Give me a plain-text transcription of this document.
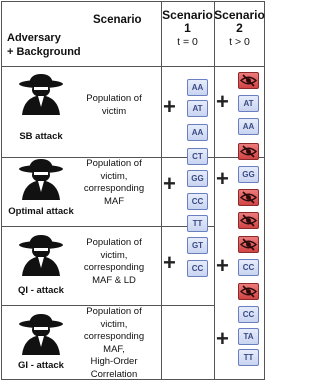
Scenario
Adversary
+ Background
Scenario
1
t = 0
Scenario
2
t > 0
SB attack
Optimal attack
QI - attack
GI - attack
Population of
victim
Population of
victim,
corresponding
MAF
Population of
victim,
corresponding
MAF & LD
Population of
victim,
corresponding
MAF,
High-Order
Correlation
+
+
+
+
+
+
+
AA
AT
AA
CT
GG
CC
TT
GT
CC
AT
AA
GG
CC
CC
TA
TT
